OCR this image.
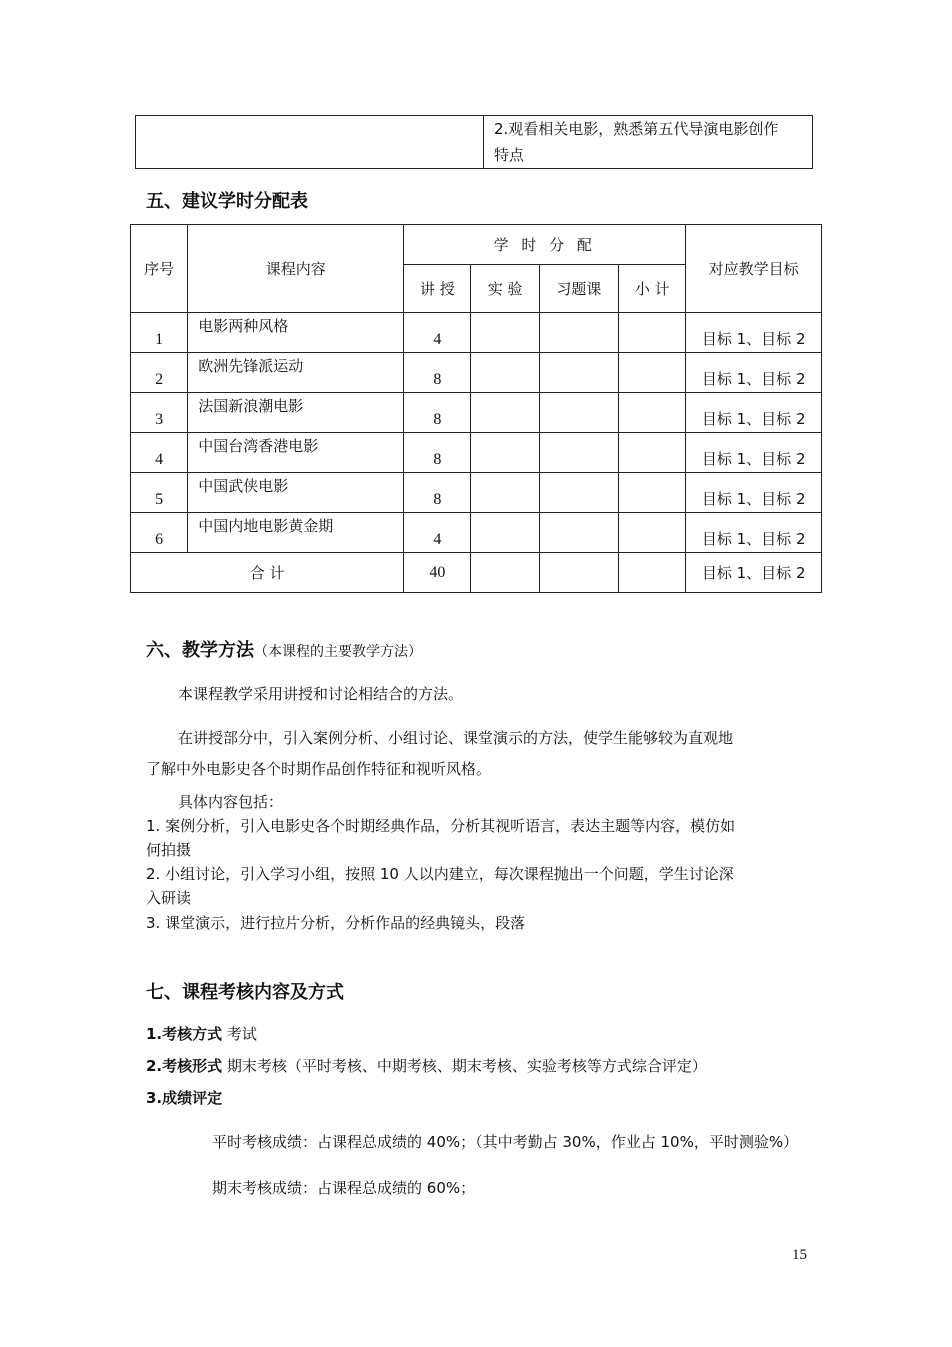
2.观看相关电影，熟悉第五代导演电影创作
特点
五、建议学时分配表
序号	课程内容	学 时 分 配				对应教学目标
		讲 授	实 验	习题课	小 计	
1	电影两种风格	4				目标 1、目标 2
2	欧洲先锋派运动	8				目标 1、目标 2
3	法国新浪潮电影	8				目标 1、目标 2
4	中国台湾香港电影	8				目标 1、目标 2
5	中国武侠电影	8				目标 1、目标 2
6	中国内地电影黄金期	4				目标 1、目标 2
合 计		40				目标 1、目标 2
六、教学方法（本课程的主要教学方法）
本课程教学采用讲授和讨论相结合的方法。
在讲授部分中，引入案例分析、小组讨论、课堂演示的方法，使学生能够较为直观地
了解中外电影史各个时期作品创作特征和视听风格。
具体内容包括：
1. 案例分析，引入电影史各个时期经典作品，分析其视听语言，表达主题等内容，模仿如
何拍摄
2. 小组讨论，引入学习小组，按照 10 人以内建立，每次课程抛出一个问题，学生讨论深
入研读
3. 课堂演示，进行拉片分析，分析作品的经典镜头，段落
七、课程考核内容及方式
1.考核方式 考试
2.考核形式 期末考核（平时考核、中期考核、期末考核、实验考核等方式综合评定）
3.成绩评定
平时考核成绩：占课程总成绩的 40%；（其中考勤占 30%，作业占 10%，平时测验%）
期末考核成绩：占课程总成绩的 60%；
15
